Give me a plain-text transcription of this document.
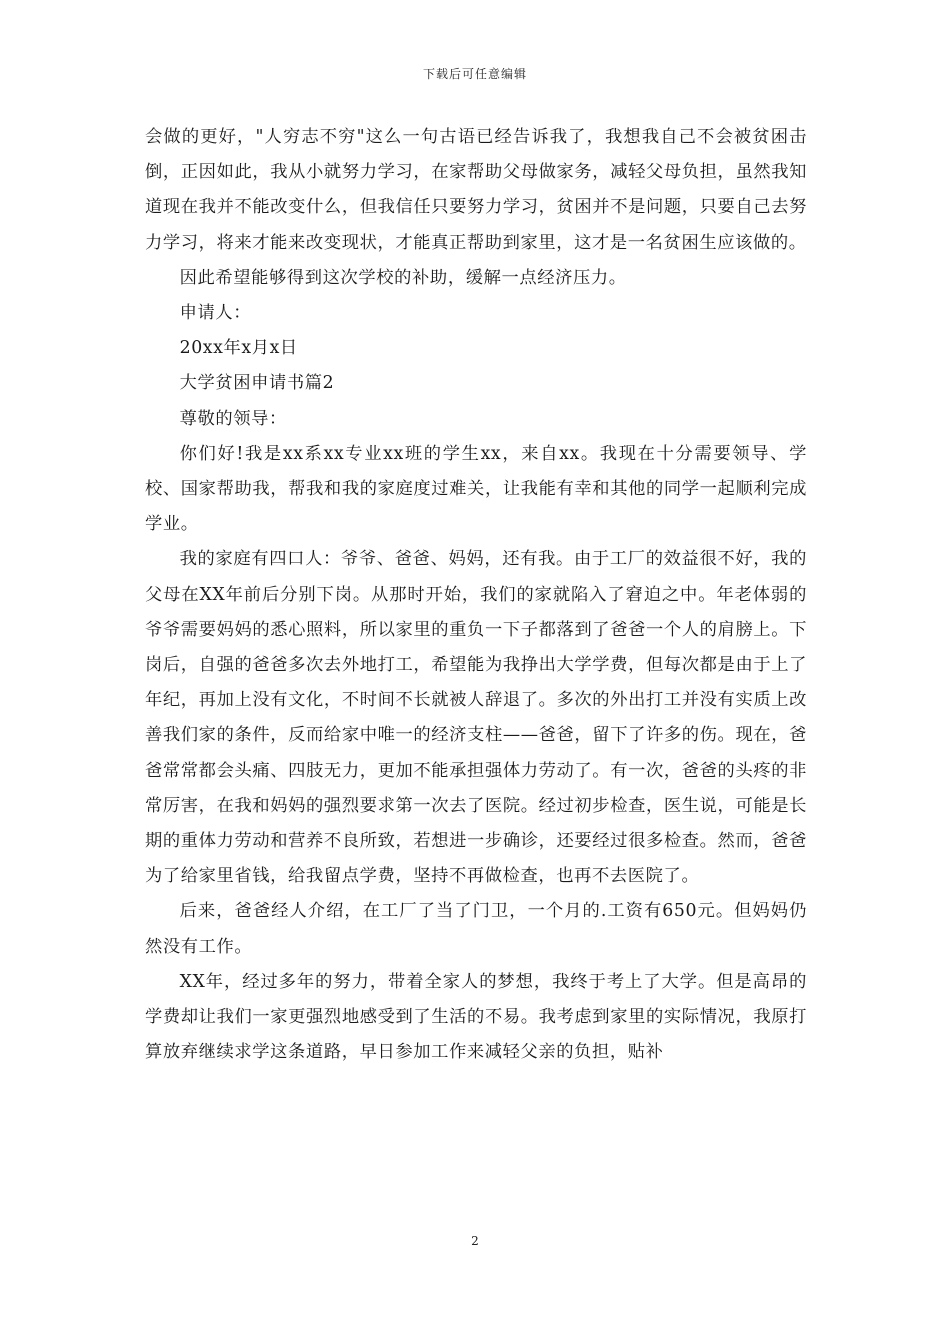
下载后可任意编辑

会做的更好，"人穷志不穷"这么一句古语已经告诉我了，我想我自己不会被贫困击倒，正因如此，我从小就努力学习，在家帮助父母做家务，减轻父母负担，虽然我知道现在我并不能改变什么，但我信任只要努力学习，贫困并不是问题，只要自己去努力学习，将来才能来改变现状，才能真正帮助到家里，这才是一名贫困生应该做的。

因此希望能够得到这次学校的补助，缓解一点经济压力。

申请人：

20xx年x月x日

大学贫困申请书篇2

尊敬的领导：

你们好!我是xx系xx专业xx班的学生xx，来自xx。我现在十分需要领导、学校、国家帮助我，帮我和我的家庭度过难关，让我能有幸和其他的同学一起顺利完成学业。

我的家庭有四口人：爷爷、爸爸、妈妈，还有我。由于工厂的效益很不好，我的父母在XX年前后分别下岗。从那时开始，我们的家就陷入了窘迫之中。年老体弱的爷爷需要妈妈的悉心照料，所以家里的重负一下子都落到了爸爸一个人的肩膀上。下岗后，自强的爸爸多次去外地打工，希望能为我挣出大学学费，但每次都是由于上了年纪，再加上没有文化，不时间不长就被人辞退了。多次的外出打工并没有实质上改善我们家的条件，反而给家中唯一的经济支柱——爸爸，留下了许多的伤。现在，爸爸常常都会头痛、四肢无力，更加不能承担强体力劳动了。有一次，爸爸的头疼的非常厉害，在我和妈妈的强烈要求第一次去了医院。经过初步检查，医生说，可能是长期的重体力劳动和营养不良所致，若想进一步确诊，还要经过很多检查。然而，爸爸为了给家里省钱，给我留点学费，坚持不再做检查，也再不去医院了。

后来，爸爸经人介绍，在工厂了当了门卫，一个月的.工资有650元。但妈妈仍然没有工作。

XX年，经过多年的努力，带着全家人的梦想，我终于考上了大学。但是高昂的学费却让我们一家更强烈地感受到了生活的不易。我考虑到家里的实际情况，我原打算放弃继续求学这条道路，早日参加工作来减轻父亲的负担，贴补

2
